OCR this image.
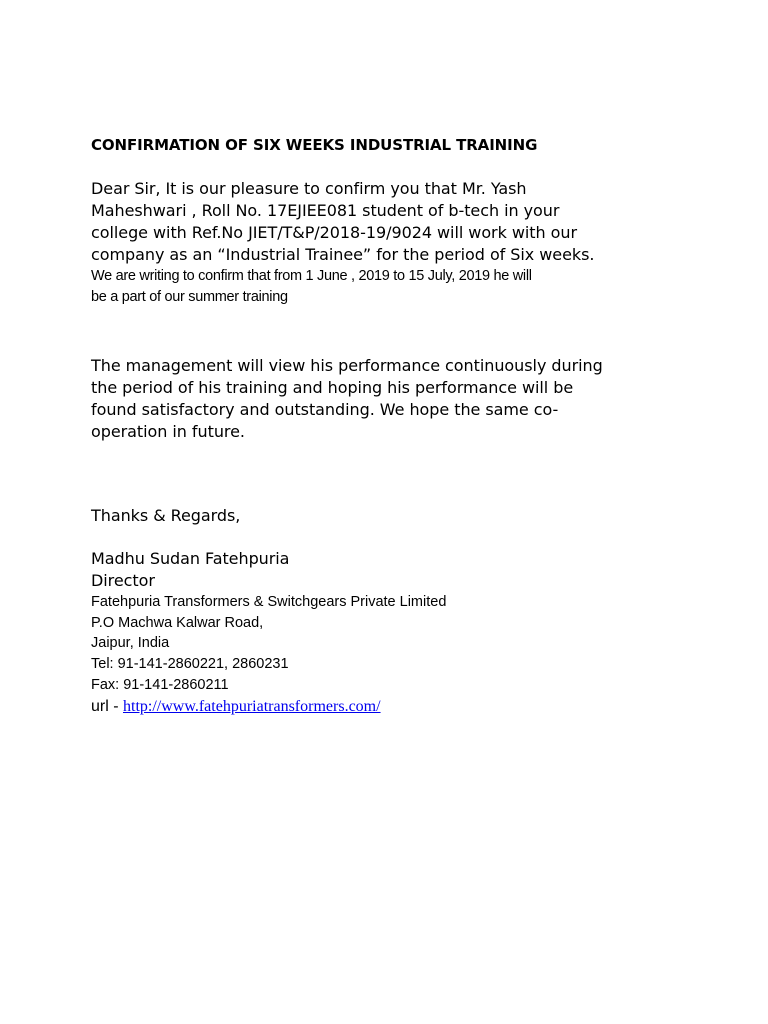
CONFIRMATION OF SIX WEEKS INDUSTRIAL TRAINING

Dear Sir, It is our pleasure to confirm you that Mr. Yash

Maheshwari , Roll No. 17EJIEE081 student of b-tech in your

college with Ref.No JIET/T&P/2018-19/9024 will work with our

company as an “Industrial Trainee” for the period of Six weeks.

We are writing to confirm that from 1 June , 2019 to 15 July, 2019 he will

be a part of our summer training

The management will view his performance continuously during

the period of his training and hoping his performance will be

found satisfactory and outstanding. We hope the same co-

operation in future.

Thanks & Regards,

Madhu Sudan Fatehpuria

Director

Fatehpuria Transformers & Switchgears Private Limited

P.O Machwa Kalwar Road,

Jaipur, India

Tel: 91-141-2860221, 2860231

Fax: 91-141-2860211

url - http://www.fatehpuriatransformers.com/
